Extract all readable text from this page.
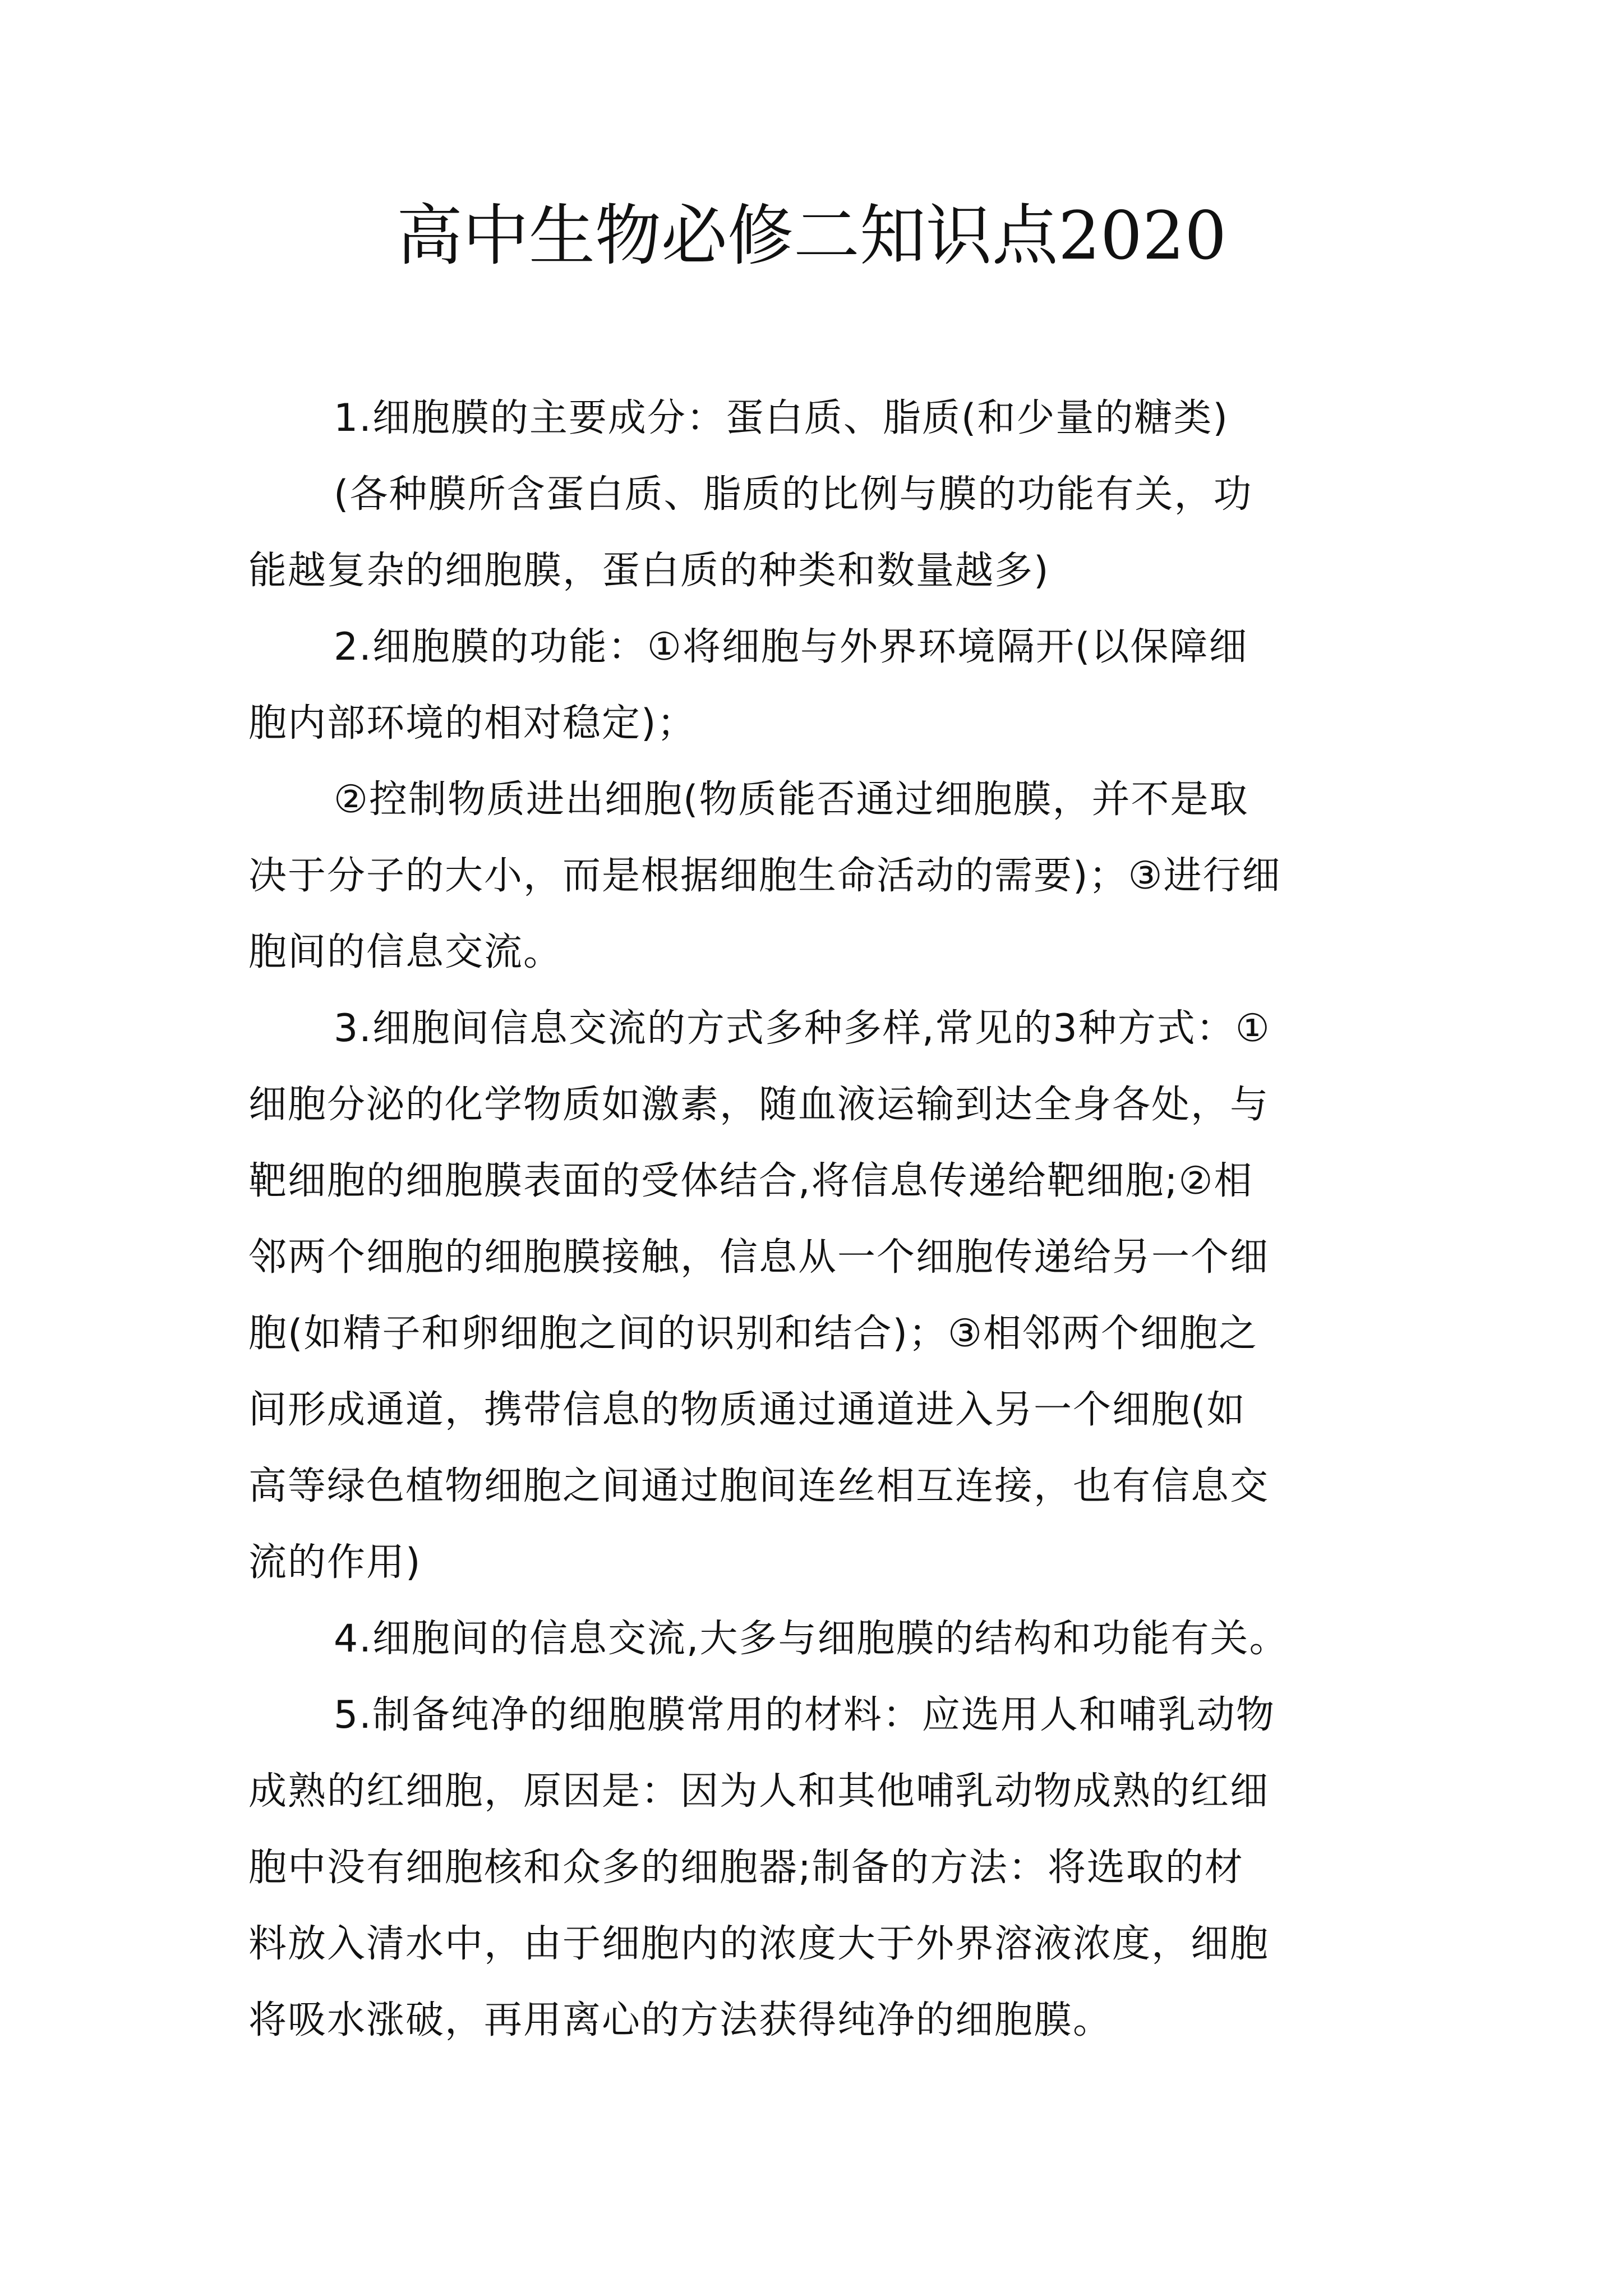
高中生物必修二知识点2020

1.细胞膜的主要成分：蛋白质、脂质(和少量的糖类)

(各种膜所含蛋白质、脂质的比例与膜的功能有关，功

能越复杂的细胞膜，蛋白质的种类和数量越多)

2.细胞膜的功能：①将细胞与外界环境隔开(以保障细

胞内部环境的相对稳定)；

②控制物质进出细胞(物质能否通过细胞膜，并不是取

决于分子的大小，而是根据细胞生命活动的需要)；③进行细

胞间的信息交流。

3.细胞间信息交流的方式多种多样,常见的3种方式：①

细胞分泌的化学物质如激素，随血液运输到达全身各处，与

靶细胞的细胞膜表面的受体结合,将信息传递给靶细胞;②相

邻两个细胞的细胞膜接触，信息从一个细胞传递给另一个细

胞(如精子和卵细胞之间的识别和结合)；③相邻两个细胞之

间形成通道，携带信息的物质通过通道进入另一个细胞(如

高等绿色植物细胞之间通过胞间连丝相互连接，也有信息交

流的作用)

4.细胞间的信息交流,大多与细胞膜的结构和功能有关。

5.制备纯净的细胞膜常用的材料：应选用人和哺乳动物

成熟的红细胞，原因是：因为人和其他哺乳动物成熟的红细

胞中没有细胞核和众多的细胞器;制备的方法：将选取的材

料放入清水中，由于细胞内的浓度大于外界溶液浓度，细胞

将吸水涨破，再用离心的方法获得纯净的细胞膜。
